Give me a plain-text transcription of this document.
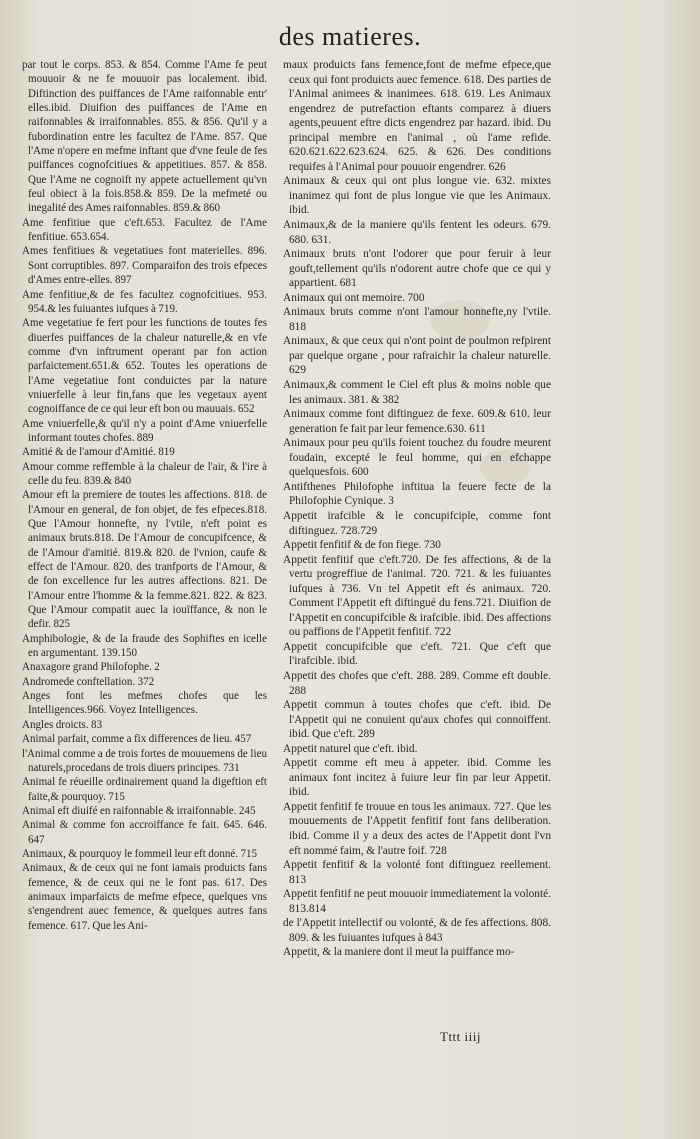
des matieres.

par tout le corps. 853. & 854. Comme l'Ame fe peut mouuoir & ne fe mouuoir pas localement. ibid. Diftinction des puiffances de l'Ame raifonnable entr' elles.ibid. Diuifion des puiffances de l'Ame en raifonnables & irraifonnables. 855. & 856. Qu'il y a fubordination entre les facultez de l'Ame. 857. Que l'Ame n'opere en mefme inftant que d'vne feule de fes puiffances cognofcitiues & appetitiues. 857. & 858. Que l'Ame ne cognoift ny appete actuellement qu'vn feul obiect à la fois.858.& 859. De la mefmeté ou inegalité des Ames raifonnables. 859.& 860

Ame fenfitiue que c'eft.653. Facultez de l'Ame fenfitiue. 653.654.

Ames fenfitiues & vegetatiues font materielles. 896. Sont corruptibles. 897. Comparaifon des trois efpeces d'Ames entre-elles. 897

Ame fenfitiue,& de fes facultez cognofcitiues. 953. 954.& les fuiuantes iufques à 719.

Ame vegetatiue fe fert pour les functions de toutes fes diuerfes puiffances de la chaleur naturelle,& en vfe comme d'vn inftrument operant par fon action parfaictement.651.& 652. Toutes les operations de l'Ame vegetatiue font conduictes par la nature vniuerfelle à leur fin,fans que les vegetaux ayent cognoiffance de ce qui leur eft bon ou mauuais. 652

Ame vniuerfelle,& qu'il n'y a point d'Ame vniuerfelle informant toutes chofes. 889

Amitié & de l'amour d'Amitié. 819

Amour comme reffemble à la chaleur de l'air, & l'ire à celle du feu. 839.& 840

Amour eft la premiere de toutes les affections. 818. de l'Amour en general, de fon objet, de fes efpeces.818. Que l'Amour honnefte, ny l'vtile, n'eft point es animaux bruts.818. De l'Amour de concupifcence, & de l'Amour d'amitié. 819.& 820. de l'vnion, caufe & effect de l'Amour. 820. des tranfports de l'Amour, & de fon excellence fur les autres affections. 821. De l'Amour entre l'homme & la femme.821. 822. & 823. Que l'Amour compatit auec la iouïffance, & non le defir. 825

Amphibologie, & de la fraude des Sophiftes en icelle en argumentant. 139.150

Anaxagore grand Philofophe. 2

Andromede conftellation. 372

Anges font les mefmes chofes que les Intelligences.966. Voyez Intelligences.

Angles droicts. 83

Animal parfait, comme a fix differences de lieu. 457

l'Animal comme a de trois fortes de mouuemens de lieu naturels,procedans de trois diuers principes. 731

Animal fe réueille ordinairement quand la digeftion eft faite,& pourquoy. 715

Animal eft diuifé en raifonnable & irraifonnable. 245

Animal & comme fon accroiffance fe fait. 645. 646. 647

Animaux, & pourquoy le fommeil leur eft donné. 715

Animaux, & de ceux qui ne font iamais produicts fans femence, & de ceux qui ne le font pas. 617. Des animaux imparfaicts de mefme efpece, quelques vns s'engendrent auec femence, & quelques autres fans femence. 617. Que les Ani-

maux produicts fans femence,font de mefme efpece,que ceux qui font produicts auec femence. 618. Des parties de l'Animal animees & inanimees. 618. 619. Les Animaux engendrez de putrefaction eftants comparez à diuers agents,peuuent eftre dicts engendrez par hazard. ibid. Du principal membre en l'animal , où l'ame refide. 620.621.622.623.624. 625. & 626. Des conditions requifes à l'Animal pour pouuoir engendrer. 626

Animaux & ceux qui ont plus longue vie. 632. mixtes inanimez qui font de plus longue vie que les Animaux. ibid.

Animaux,& de la maniere qu'ils fentent les odeurs. 679. 680. 631.

Animaux bruts n'ont l'odorer que pour feruir à leur gouft,tellement qu'ils n'odorent autre chofe que ce qui y appartient. 681

Animaux qui ont memoire. 700

Animaux bruts comme n'ont l'amour honnefte,ny l'vtile. 818

Animaux, & que ceux qui n'ont point de poulmon refpirent par quelque organe , pour rafraichir la chaleur naturelle. 629

Animaux,& comment le Ciel eft plus & moins noble que les animaux. 381. & 382

Animaux comme font diftinguez de fexe. 609.& 610. leur generation fe fait par leur femence.630. 611

Animaux pour peu qu'ils foient touchez du foudre meurent foudain, excepté le feul homme, qui en efchappe quelquesfois. 600

Antifthenes Philofophe inftitua la feuere fecte de la Philofophie Cynique. 3

Appetit irafcible & le concupifciple, comme font diftinguez. 728.729

Appetit fenfitif & de fon fiege. 730

Appetit fenfitif que c'eft.720. De fes affections, & de la vertu progreffiue de l'animal. 720. 721. & les fuiuantes iufques à 736. Vn tel Appetit eft és animaux. 720. Comment l'Appetit eft diftingué du fens.721. Diuifion de l'Appetit en concupifcible & irafcible. ibid. Des affections ou paffions de l'Appetit fenfitif. 722

Appetit concupifcible que c'eft. 721. Que c'eft que l'irafcible. ibid.

Appetit des chofes que c'eft. 288. 289. Comme eft double. 288

Appetit commun à toutes chofes que c'eft. ibid. De l'Appetit qui ne conuient qu'aux chofes qui connoiffent. ibid. Que c'eft. 289

Appetit naturel que c'eft. ibid.

Appetit comme eft meu à appeter. ibid. Comme les animaux font incitez à fuiure leur fin par leur Appetit. ibid.

Appetit fenfitif fe trouue en tous les animaux. 727. Que les mouuements de l'Appetit fenfitif font fans deliberation. ibid. Comme il y a deux des actes de l'Appetit dont l'vn eft nommé faim, & l'autre foif. 728

Appetit fenfitif & la volonté font diftinguez reellement. 813

Appetit fenfitif ne peut mouuoir immediatement la volonté. 813.814

de l'Appetit intellectif ou volonté, & de fes affections. 808. 809. & les fuiuantes iufques à 843

Appetit, & la maniere dont il meut la puiffance mo-

Tttt iiij
